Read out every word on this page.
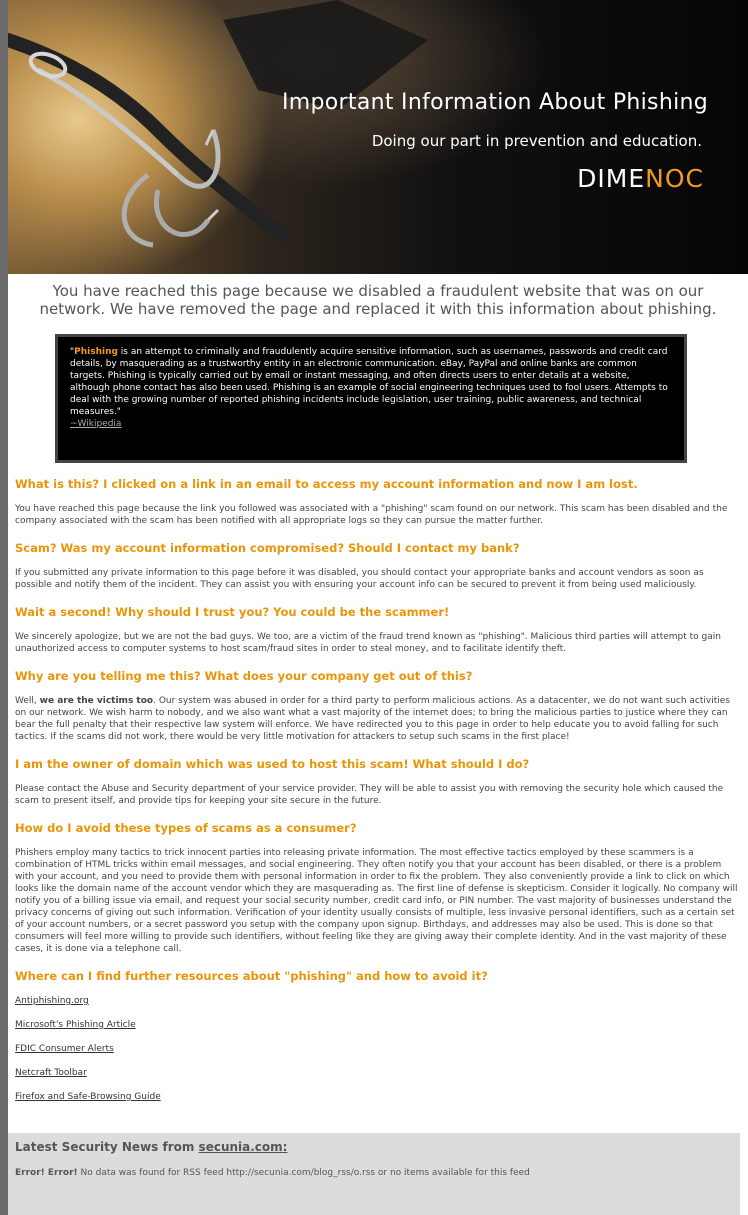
Important Information About Phishing
Doing our part in prevention and education.
DIMENOC
You have reached this page because we disabled a fraudulent website that was on our network. We have removed the page and replaced it with this information about phishing.
"Phishing is an attempt to criminally and fraudulently acquire sensitive information, such as usernames, passwords and credit card details, by masquerading as a trustworthy entity in an electronic communication. eBay, PayPal and online banks are common targets. Phishing is typically carried out by email or instant messaging, and often directs users to enter details at a website, although phone contact has also been used. Phishing is an example of social engineering techniques used to fool users. Attempts to deal with the growing number of reported phishing incidents include legislation, user training, public awareness, and technical measures."
~Wikipedia
What is this? I clicked on a link in an email to access my account information and now I am lost.

You have reached this page because the link you followed was associated with a "phishing" scam found on our network. This scam has been disabled and the company associated with the scam has been notified with all appropriate logs so they can pursue the matter further.

Scam? Was my account information compromised? Should I contact my bank?

If you submitted any private information to this page before it was disabled, you should contact your appropriate banks and account vendors as soon as possible and notify them of the incident. They can assist you with ensuring your account info can be secured to prevent it from being used maliciously.

Wait a second! Why should I trust you? You could be the scammer!

We sincerely apologize, but we are not the bad guys. We too, are a victim of the fraud trend known as "phishing". Malicious third parties will attempt to gain unauthorized access to computer systems to host scam/fraud sites in order to steal money, and to facilitate identify theft.

Why are you telling me this? What does your company get out of this?

Well, we are the victims too. Our system was abused in order for a third party to perform malicious actions. As a datacenter, we do not want such activities on our network. We wish harm to nobody, and we also want what a vast majority of the internet does; to bring the malicious parties to justice where they can bear the full penalty that their respective law system will enforce. We have redirected you to this page in order to help educate you to avoid falling for such tactics. If the scams did not work, there would be very little motivation for attackers to setup such scams in the first place!

I am the owner of domain which was used to host this scam! What should I do?

Please contact the Abuse and Security department of your service provider. They will be able to assist you with removing the security hole which caused the scam to present itself, and provide tips for keeping your site secure in the future.

How do I avoid these types of scams as a consumer?

Phishers employ many tactics to trick innocent parties into releasing private information. The most effective tactics employed by these scammers is a combination of HTML tricks within email messages, and social engineering. They often notify you that your account has been disabled, or there is a problem with your account, and you need to provide them with personal information in order to fix the problem. They also conveniently provide a link to click on which looks like the domain name of the account vendor which they are masquerading as. The first line of defense is skepticism. Consider it logically. No company will notify you of a billing issue via email, and request your social security number, credit card info, or PIN number. The vast majority of businesses understand the privacy concerns of giving out such information. Verification of your identity usually consists of multiple, less invasive personal identifiers, such as a certain set of your account numbers, or a secret password you setup with the company upon signup. Birthdays, and addresses may also be used. This is done so that consumers will feel more willing to provide such identifiers, without feeling like they are giving away their complete identity. And in the vast majority of these cases, it is done via a telephone call.

Where can I find further resources about "phishing" and how to avoid it?
Antiphishing.org
Microsoft's Phishing Article
FDIC Consumer Alerts
Netcraft Toolbar
Firefox and Safe-Browsing Guide
Latest Security News from secunia.com:
Error! Error! No data was found for RSS feed http://secunia.com/blog_rss/o.rss or no items available for this feed
